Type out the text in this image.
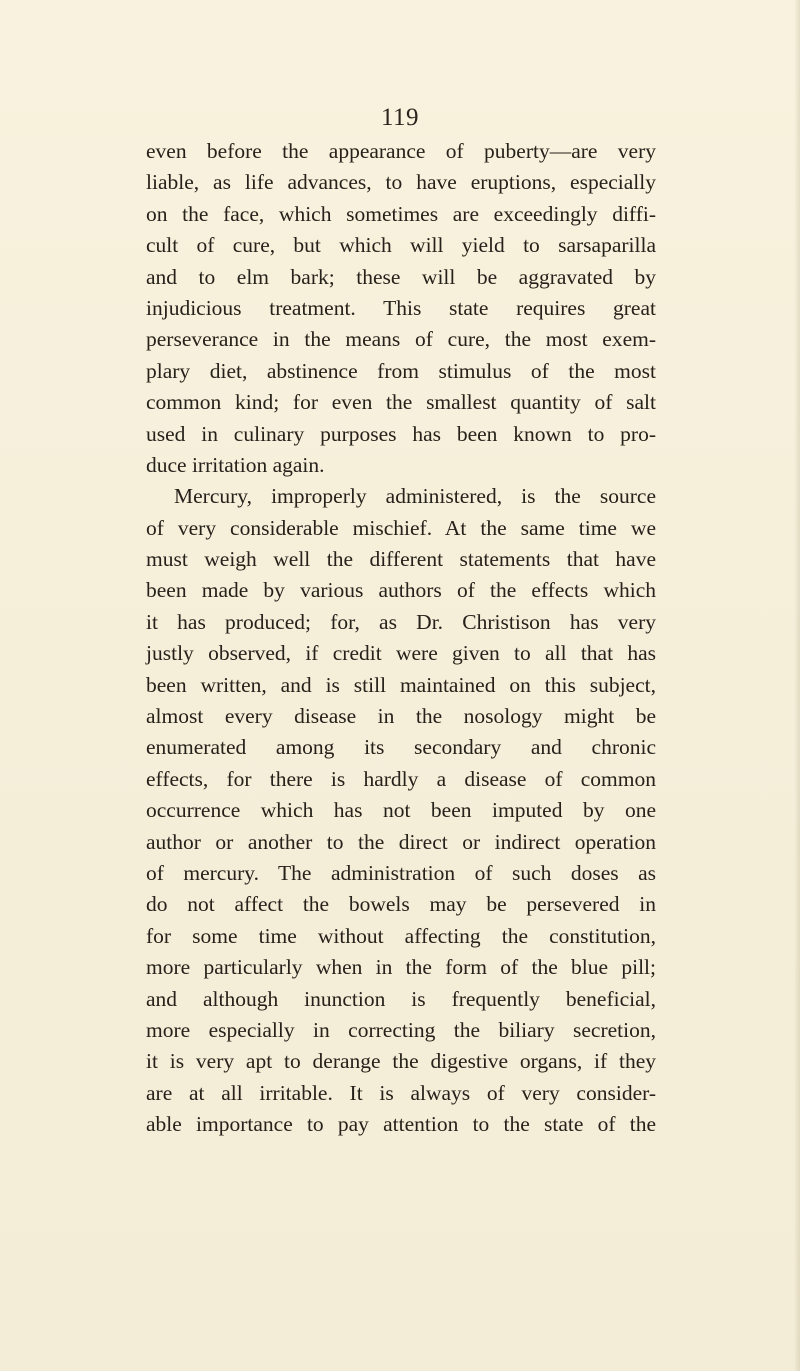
119
even before the appearance of puberty—are very
liable, as life advances, to have eruptions, especially
on the face, which sometimes are exceedingly diffi-
cult of cure, but which will yield to sarsaparilla
and to elm bark; these will be aggravated by
injudicious treatment. This state requires great
perseverance in the means of cure, the most exem-
plary diet, abstinence from stimulus of the most
common kind; for even the smallest quantity of salt
used in culinary purposes has been known to pro-
duce irritation again.
Mercury, improperly administered, is the source
of very considerable mischief. At the same time we
must weigh well the different statements that have
been made by various authors of the effects which
it has produced; for, as Dr. Christison has very
justly observed, if credit were given to all that has
been written, and is still maintained on this subject,
almost every disease in the nosology might be
enumerated among its secondary and chronic
effects, for there is hardly a disease of common
occurrence which has not been imputed by one
author or another to the direct or indirect operation
of mercury. The administration of such doses as
do not affect the bowels may be persevered in
for some time without affecting the constitution,
more particularly when in the form of the blue pill;
and although inunction is frequently beneficial,
more especially in correcting the biliary secretion,
it is very apt to derange the digestive organs, if they
are at all irritable. It is always of very consider-
able importance to pay attention to the state of the
